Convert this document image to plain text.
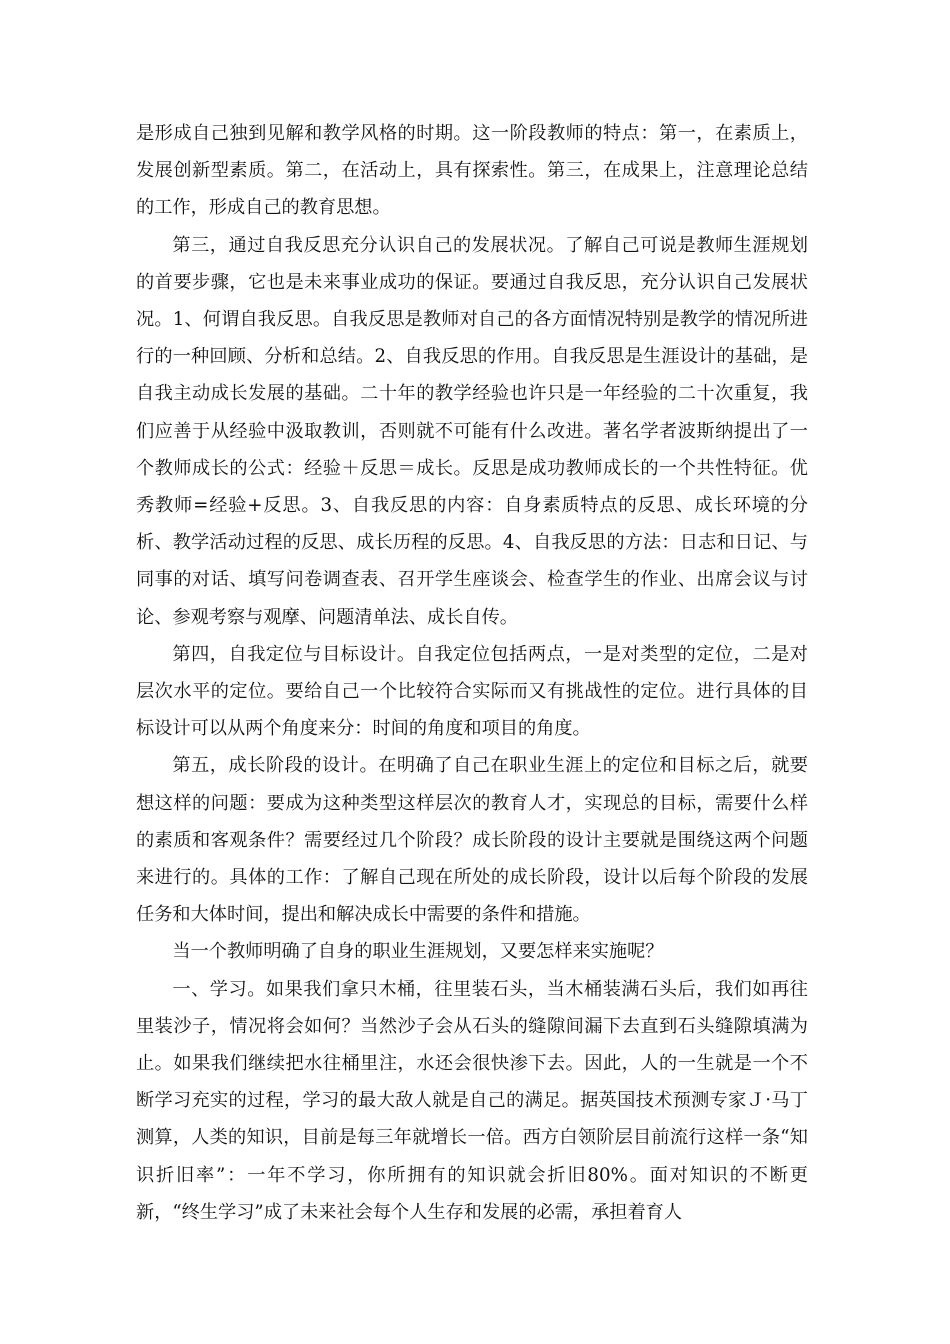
是形成自己独到见解和教学风格的时期。这一阶段教师的特点：第一，在素质上，发展创新型素质。第二，在活动上，具有探索性。第三，在成果上，注意理论总结的工作，形成自己的教育思想。

第三，通过自我反思充分认识自己的发展状况。了解自己可说是教师生涯规划的首要步骤，它也是未来事业成功的保证。要通过自我反思，充分认识自己发展状况。1、何谓自我反思。自我反思是教师对自己的各方面情况特别是教学的情况所进行的一种回顾、分析和总结。2、自我反思的作用。自我反思是生涯设计的基础，是自我主动成长发展的基础。二十年的教学经验也许只是一年经验的二十次重复，我们应善于从经验中汲取教训，否则就不可能有什么改进。著名学者波斯纳提出了一个教师成长的公式：经验＋反思＝成长。反思是成功教师成长的一个共性特征。优秀教师=经验+反思。3、自我反思的内容：自身素质特点的反思、成长环境的分析、教学活动过程的反思、成长历程的反思。4、自我反思的方法：日志和日记、与同事的对话、填写问卷调查表、召开学生座谈会、检查学生的作业、出席会议与讨论、参观考察与观摩、问题清单法、成长自传。

第四，自我定位与目标设计。自我定位包括两点，一是对类型的定位，二是对层次水平的定位。要给自己一个比较符合实际而又有挑战性的定位。进行具体的目标设计可以从两个角度来分：时间的角度和项目的角度。

第五，成长阶段的设计。在明确了自己在职业生涯上的定位和目标之后，就要想这样的问题：要成为这种类型这样层次的教育人才，实现总的目标，需要什么样的素质和客观条件？需要经过几个阶段？成长阶段的设计主要就是围绕这两个问题来进行的。具体的工作：了解自己现在所处的成长阶段，设计以后每个阶段的发展任务和大体时间，提出和解决成长中需要的条件和措施。

当一个教师明确了自身的职业生涯规划，又要怎样来实施呢？

一、学习。如果我们拿只木桶，往里装石头，当木桶装满石头后，我们如再往里装沙子，情况将会如何？当然沙子会从石头的缝隙间漏下去直到石头缝隙填满为止。如果我们继续把水往桶里注，水还会很快渗下去。因此，人的一生就是一个不断学习充实的过程，学习的最大敌人就是自己的满足。据英国技术预测专家Ｊ·马丁测算，人类的知识，目前是每三年就增长一倍。西方白领阶层目前流行这样一条“知识折旧率”：一年不学习，你所拥有的知识就会折旧80%。面对知识的不断更新，“终生学习”成了未来社会每个人生存和发展的必需，承担着育人
